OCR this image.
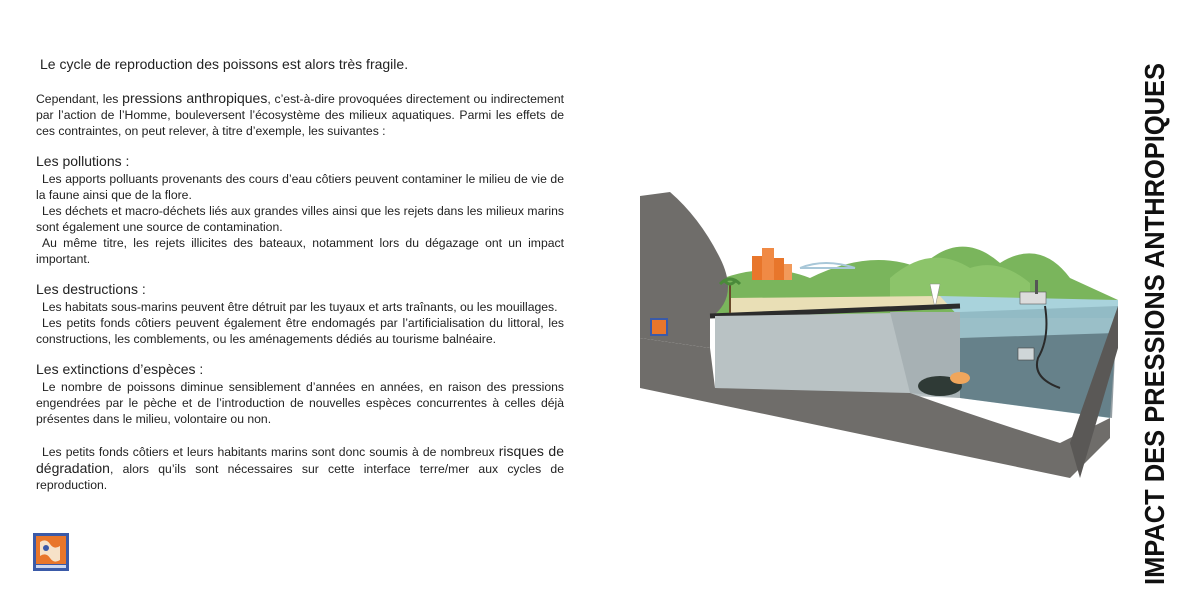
Le cycle de reproduction des poissons est alors très fragile.

Cependant, les pressions anthropiques, c’est-à-dire provoquées directement ou indirectement par l’action de l’Homme, bouleversent l’écosystème des milieux aquatiques. Parmi les effets de ces contraintes, on peut relever, à titre d’exemple, les suivantes :

Les pollutions :

Les apports polluants provenants des cours d’eau côtiers peuvent contaminer le milieu de vie de la faune ainsi que de la flore.

Les déchets et macro-déchets liés aux grandes villes ainsi que les rejets dans les milieux marins sont également une source de contamination.

Au même titre, les rejets illicites des bateaux, notamment lors du dégazage ont un impact important.

Les destructions :

Les habitats sous-marins peuvent être détruit par les tuyaux et arts traînants, ou les mouillages.

Les petits fonds côtiers peuvent également être endomagés par l’artificialisation du littoral, les constructions, les comblements, ou les aménagements dédiés au tourisme balnéaire.

Les extinctions d’espèces :

Le nombre de poissons diminue sensiblement d’années en années, en raison des pressions engendrées par le pèche et de l’introduction de nouvelles espèces concurrentes à celles déjà présentes dans le milieu, volontaire ou non.

Les petits fonds côtiers et leurs habitants marins sont donc soumis à de nombreux risques de dégradation, alors qu’ils sont nécessaires sur cette interface terre/mer aux cycles de reproduction.	IMPACT DES PRESSIONS ANTHROPIQUES
